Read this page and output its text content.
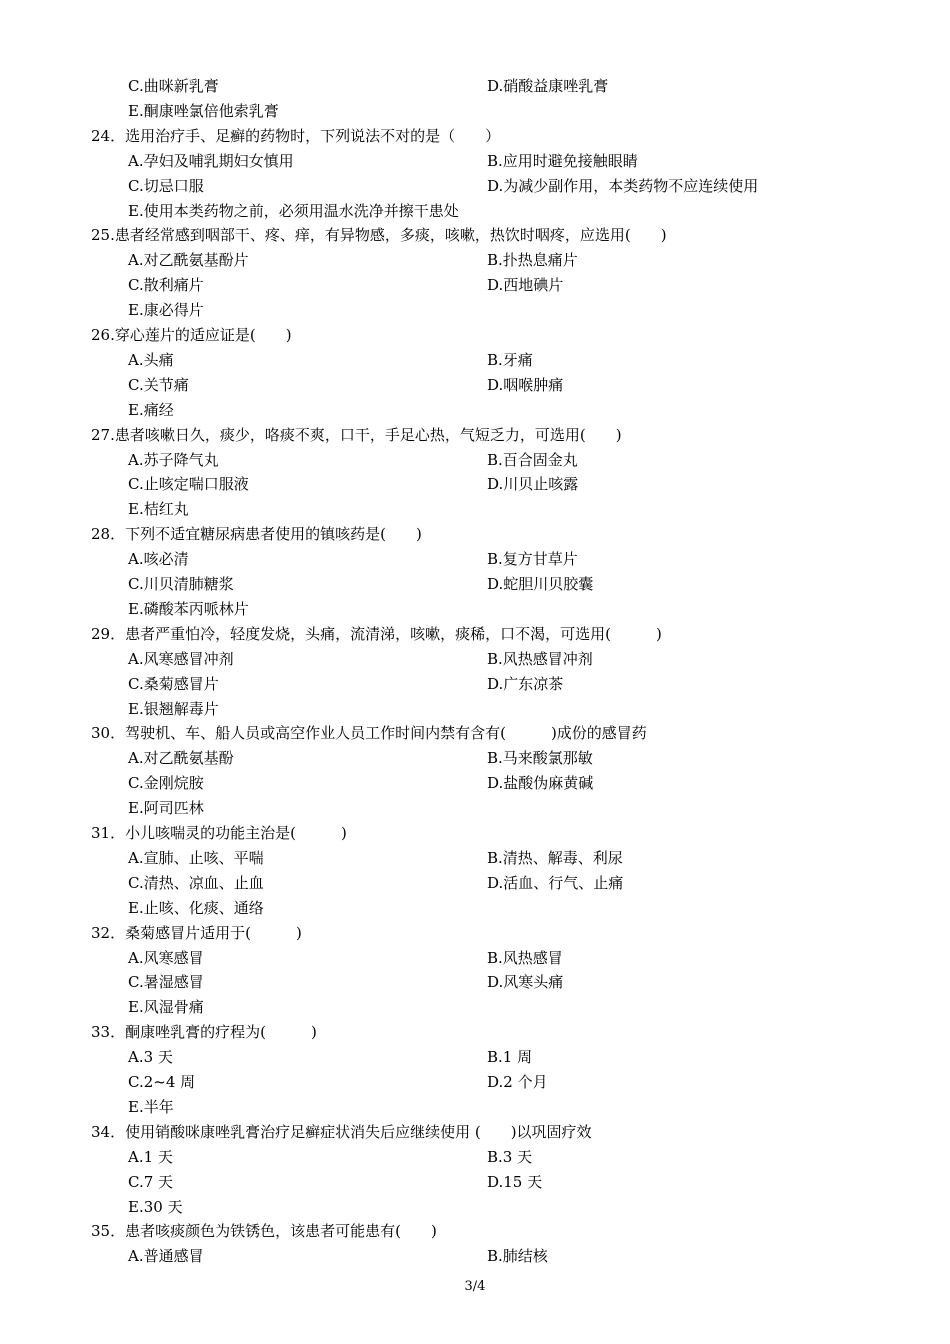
C.曲咪新乳膏	D.硝酸益康唑乳膏
E.酮康唑氯倍他索乳膏
24．选用治疗手、足癣的药物时，下列说法不对的是（　　）
A.孕妇及哺乳期妇女慎用	B.应用时避免接触眼睛
C.切忌口服	D.为减少副作用，本类药物不应连续使用
E.使用本类药物之前，必须用温水洗净并擦干患处
25.患者经常感到咽部干、疼、痒，有异物感，多痰，咳嗽，热饮时咽疼，应选用(　　)
A.对乙酰氨基酚片	B.扑热息痛片
C.散利痛片	D.西地碘片
E.康必得片
26.穿心莲片的适应证是(　　)
A.头痛	B.牙痛
C.关节痛	D.咽喉肿痛
E.痛经
27.患者咳嗽日久，痰少，咯痰不爽，口干，手足心热，气短乏力，可选用(　　)
A.苏子降气丸	B.百合固金丸
C.止咳定喘口服液	D.川贝止咳露
E.桔红丸
28．下列不适宜糖尿病患者使用的镇咳药是(　　)
A.咳必清	B.复方甘草片
C.川贝清肺糖浆	D.蛇胆川贝胶囊
E.磷酸苯丙哌林片
29．患者严重怕冷，轻度发烧，头痛，流清涕，咳嗽，痰稀，口不渴，可选用(　　　)
A.风寒感冒冲剂	B.风热感冒冲剂
C.桑菊感冒片	D.广东凉茶
E.银翘解毒片
30．驾驶机、车、船人员或高空作业人员工作时间内禁有含有(　　　)成份的感冒药
A.对乙酰氨基酚	B.马来酸氯那敏
C.金刚烷胺	D.盐酸伪麻黄碱
E.阿司匹林
31．小儿咳喘灵的功能主治是(　　　)
A.宣肺、止咳、平喘	B.清热、解毒、利尿
C.清热、凉血、止血	D.活血、行气、止痛
E.止咳、化痰、通络
32．桑菊感冒片适用于(　　　)
A.风寒感冒	B.风热感冒
C.暑湿感冒	D.风寒头痛
E.风湿骨痛
33．酮康唑乳膏的疗程为(　　　)
A.3 天	B.1 周
C.2~4 周	D.2 个月
E.半年
34．使用销酸咪康唑乳膏治疗足癣症状消失后应继续使用 (　　)以巩固疗效
A.1 天	B.3 天
C.7 天	D.15 天
E.30 天
35．患者咳痰颜色为铁锈色，该患者可能患有(　　)
A.普通感冒	B.肺结核
3/4
